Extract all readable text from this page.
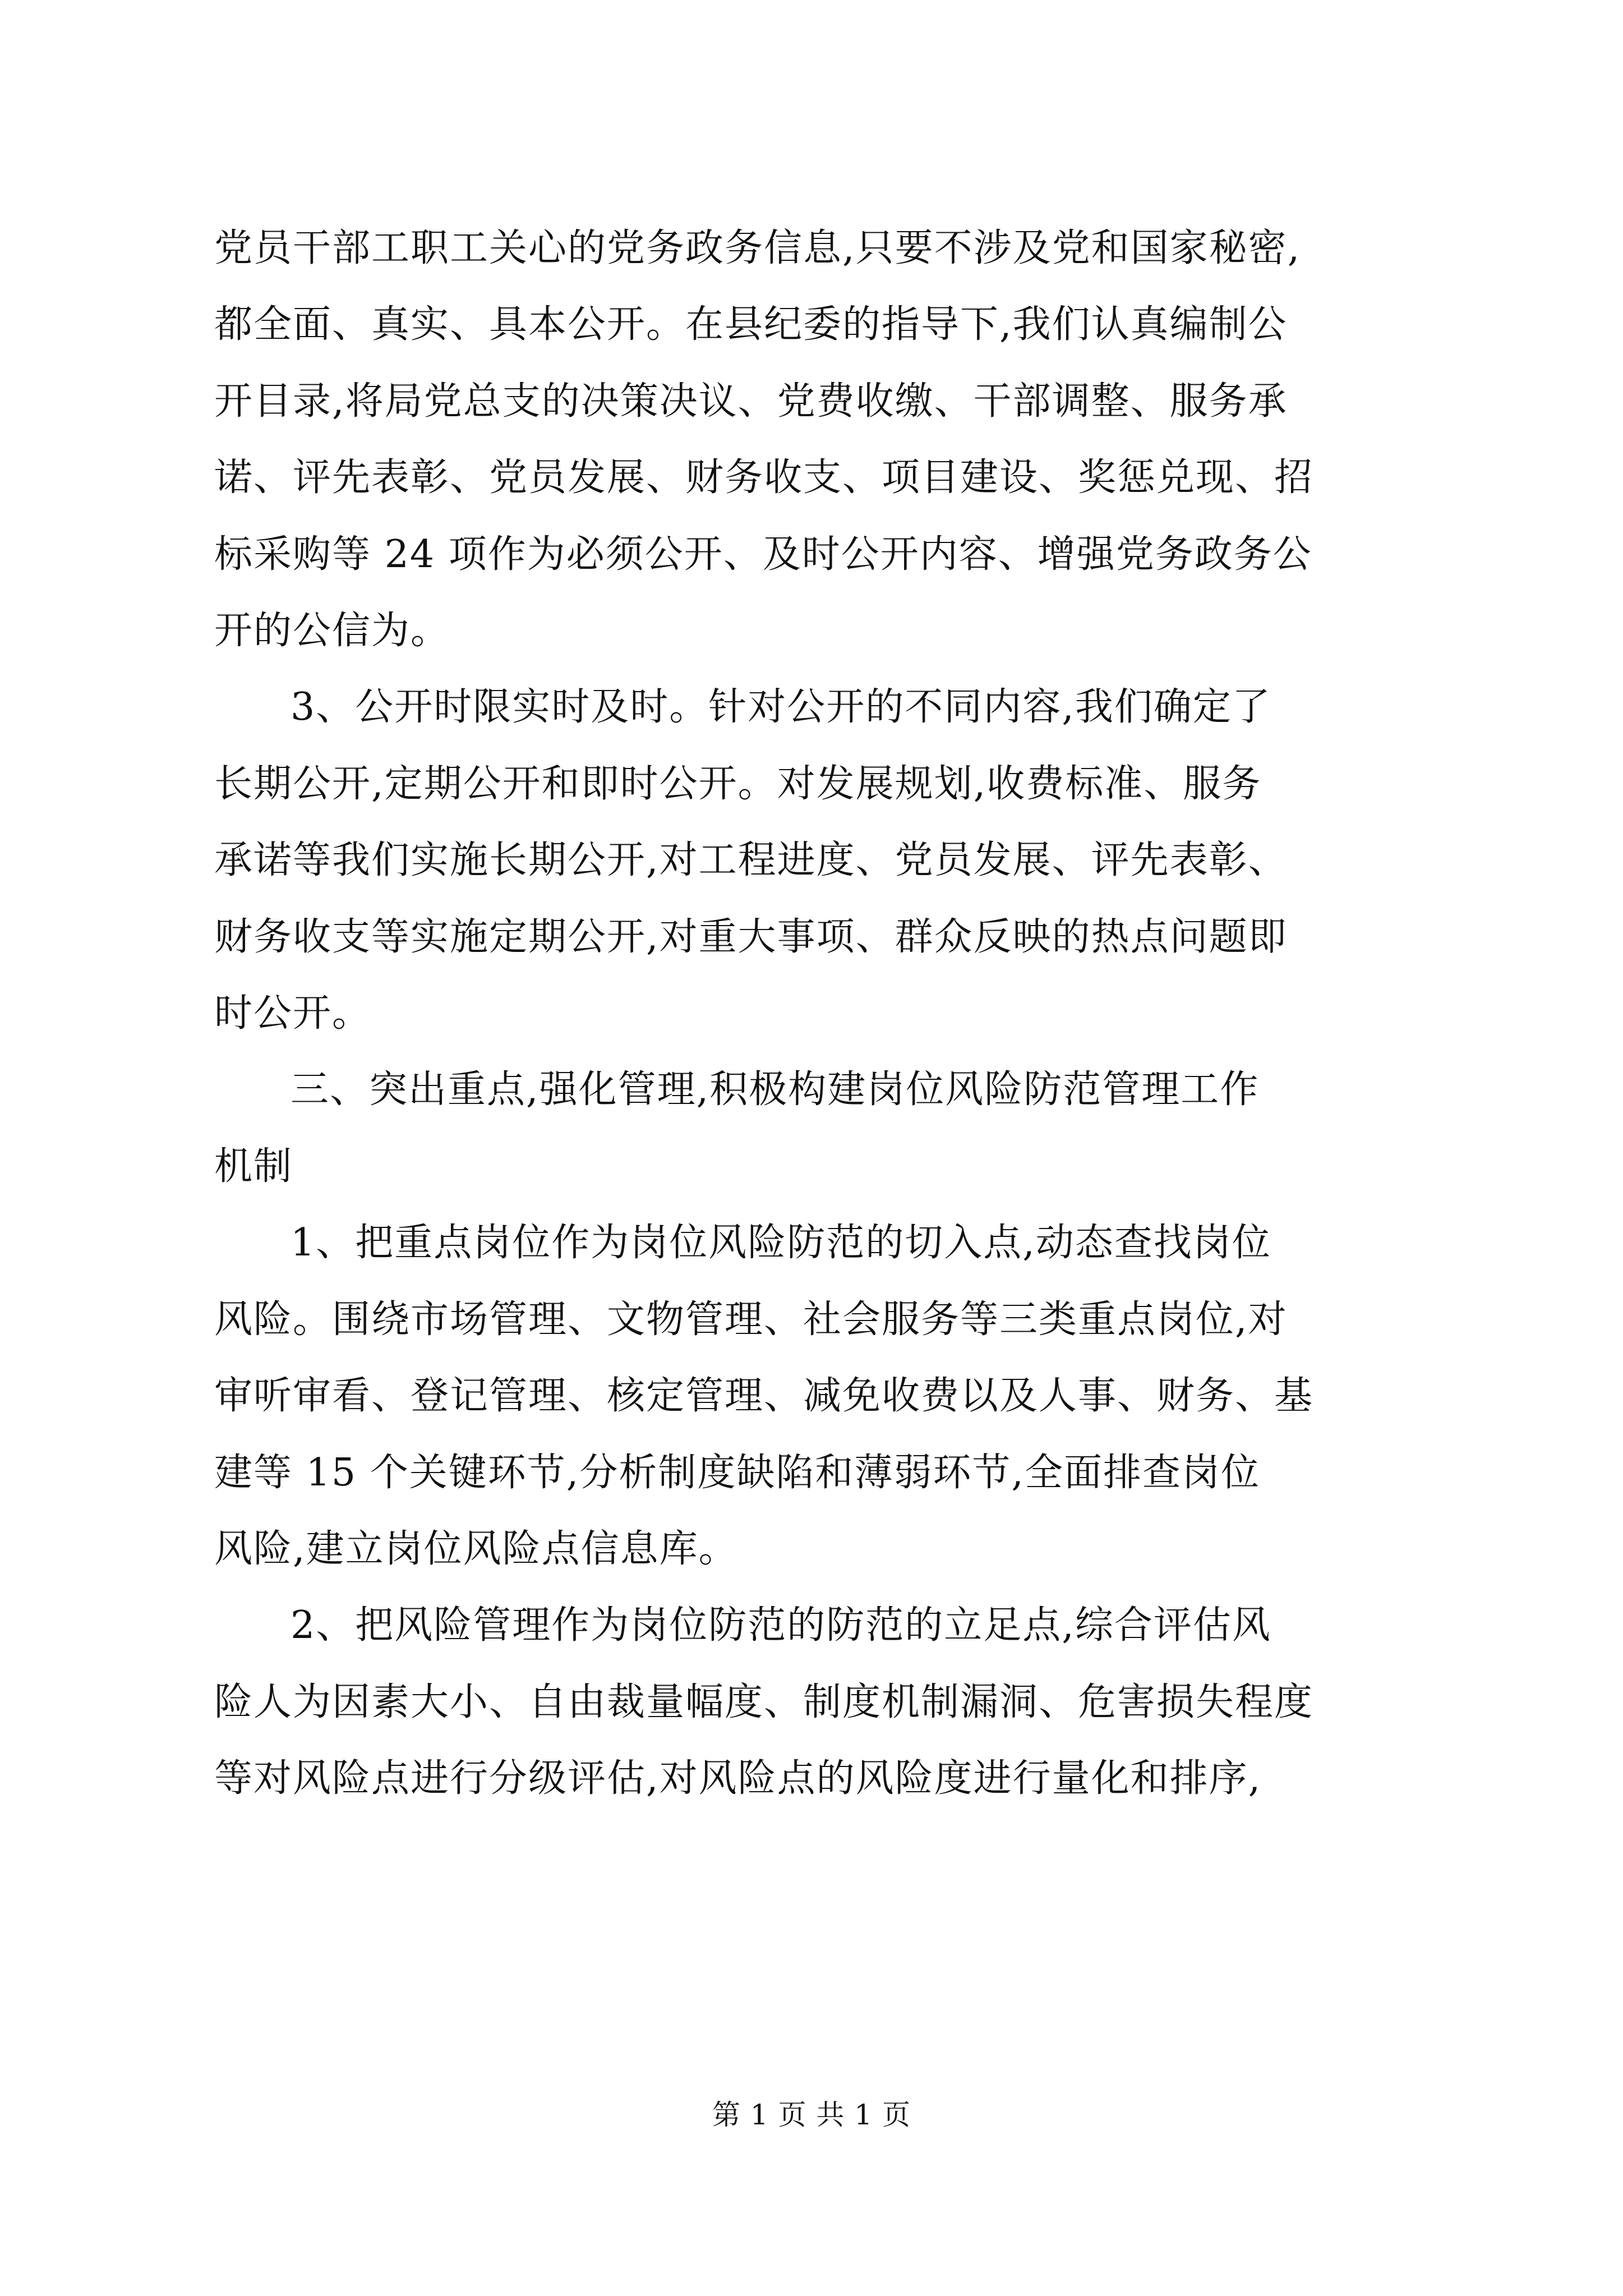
党员干部工职工关心的党务政务信息,只要不涉及党和国家秘密,
都全面、真实、具本公开。在县纪委的指导下,我们认真编制公
开目录,将局党总支的决策决议、党费收缴、干部调整、服务承
诺、评先表彰、党员发展、财务收支、项目建设、奖惩兑现、招
标采购等 24 项作为必须公开、及时公开内容、增强党务政务公
开的公信为。

3、公开时限实时及时。针对公开的不同内容,我们确定了
长期公开,定期公开和即时公开。对发展规划,收费标准、服务
承诺等我们实施长期公开,对工程进度、党员发展、评先表彰、
财务收支等实施定期公开,对重大事项、群众反映的热点问题即
时公开。

三、突出重点,强化管理,积极构建岗位风险防范管理工作
机制

1、把重点岗位作为岗位风险防范的切入点,动态查找岗位
风险。围绕市场管理、文物管理、社会服务等三类重点岗位,对
审听审看、登记管理、核定管理、减免收费以及人事、财务、基
建等 15 个关键环节,分析制度缺陷和薄弱环节,全面排查岗位
风险,建立岗位风险点信息库。

2、把风险管理作为岗位防范的防范的立足点,综合评估风
险人为因素大小、自由裁量幅度、制度机制漏洞、危害损失程度
等对风险点进行分级评估,对风险点的风险度进行量化和排序,

第 1 页 共 1 页
